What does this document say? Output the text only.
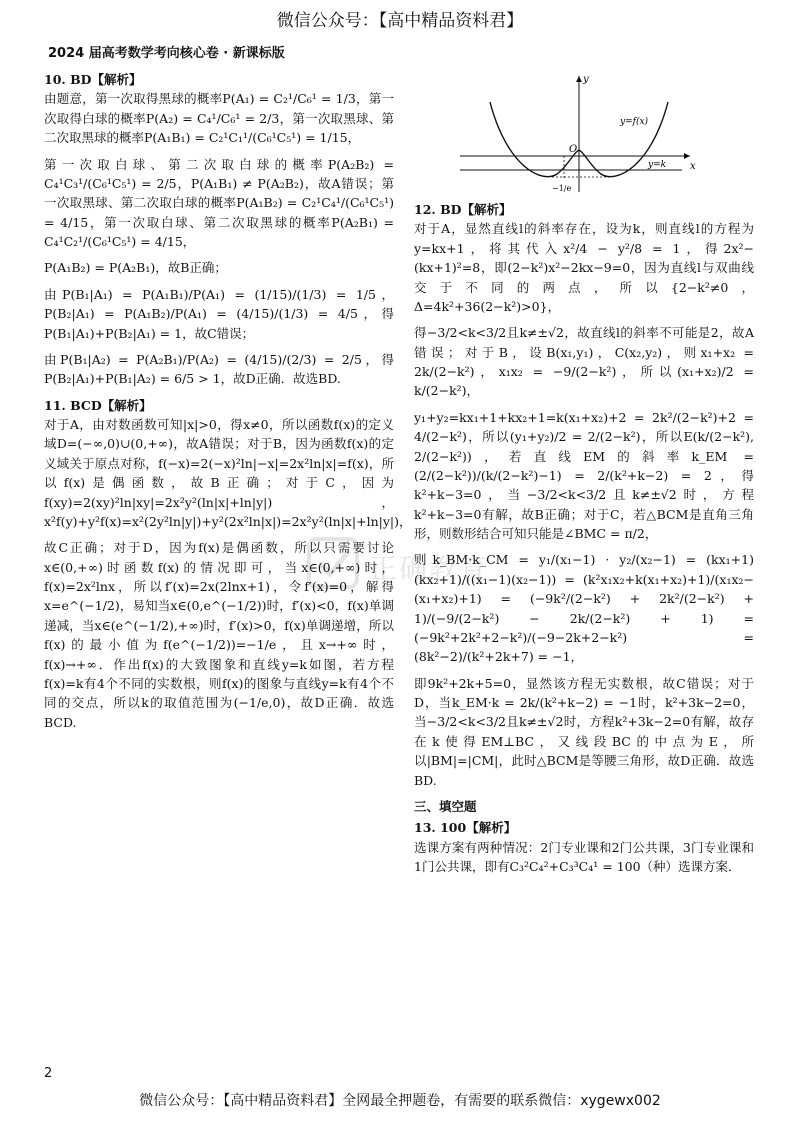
微信公众号：【高中精品资料君】
2024 届高考数学考向核心卷 · 新课标版
y
x
O
y=f(x)
y=k
−1/e
正确教育
10. BD【解析】

由题意，第一次取得黑球的概率P(A₁) = C₂¹/C₆¹ = 1/3，第一次取得白球的概率P(A₂) = C₄¹/C₆¹ = 2/3，第一次取黑球、第二次取黑球的概率P(A₁B₁) = C₂¹C₁¹/(C₆¹C₅¹) = 1/15，

第一次取白球、第二次取白球的概率P(A₂B₂) = C₄¹C₃¹/(C₆¹C₅¹) = 2/5，P(A₁B₁) ≠ P(A₂B₂)，故A错误；第一次取黑球、第二次取白球的概率P(A₁B₂) = C₂¹C₄¹/(C₆¹C₅¹) = 4/15，第一次取白球、第二次取黑球的概率P(A₂B₁) = C₄¹C₂¹/(C₆¹C₅¹) = 4/15，

P(A₁B₂) = P(A₂B₁)，故B正确；

由P(B₁|A₁) = P(A₁B₁)/P(A₁) = (1/15)/(1/3) = 1/5，P(B₂|A₁) = P(A₁B₂)/P(A₁) = (4/15)/(1/3) = 4/5，得P(B₁|A₁)+P(B₂|A₁) = 1，故C错误；

由P(B₁|A₂) = P(A₂B₁)/P(A₂) = (4/15)/(2/3) = 2/5，得P(B₂|A₁)+P(B₁|A₂) = 6/5 > 1，故D正确．故选BD.

11. BCD【解析】

对于A，由对数函数可知|x|>0，得x≠0，所以函数f(x)的定义域D=(−∞,0)∪(0,+∞)，故A错误；对于B，因为函数f(x)的定义域关于原点对称，f(−x)=2(−x)²ln|−x|=2x²ln|x|=f(x)，所以f(x)是偶函数，故B正确；对于C，因为f(xy)=2(xy)²ln|xy|=2x²y²(ln|x|+ln|y|)，x²f(y)+y²f(x)=x²(2y²ln|y|)+y²(2x²ln|x|)=2x²y²(ln|x|+ln|y|)，

故C正确；对于D，因为f(x)是偶函数，所以只需要讨论x∈(0,+∞)时函数f(x)的情况即可，当x∈(0,+∞)时，f(x)=2x²lnx，所以f′(x)=2x(2lnx+1)，令f′(x)=0，解得x=e^(−1/2)，易知当x∈(0,e^(−1/2))时，f′(x)<0，f(x)单调递减，当x∈(e^(−1/2),+∞)时，f′(x)>0，f(x)单调递增，所以f(x)的最小值为f(e^(−1/2))=−1/e，且x→+∞时，f(x)→+∞．作出f(x)的大致图象和直线y=k如图，若方程f(x)=k有4个不同的实数根，则f(x)的图象与直线y=k有4个不同的交点，所以k的取值范围为(−1/e,0)，故D正确．故选BCD.

12. BD【解析】

对于A，显然直线l的斜率存在，设为k，则直线l的方程为y=kx+1，将其代入x²/4 − y²/8 = 1，得2x²−(kx+1)²=8，即(2−k²)x²−2kx−9=0，因为直线l与双曲线交于不同的两点，所以{2−k²≠0，Δ=4k²+36(2−k²)>0}，

得−3/2<k<3/2且k≠±√2，故直线l的斜率不可能是2，故A错误；对于B，设B(x₁,y₁)，C(x₂,y₂)，则x₁+x₂ = 2k/(2−k²)，x₁x₂ = −9/(2−k²)，所以(x₁+x₂)/2 = k/(2−k²)，

y₁+y₂=kx₁+1+kx₂+1=k(x₁+x₂)+2 = 2k²/(2−k²)+2 = 4/(2−k²)，所以(y₁+y₂)/2 = 2/(2−k²)，所以E(k/(2−k²), 2/(2−k²))，若直线EM的斜率k_EM = (2/(2−k²))/(k/(2−k²)−1) = 2/(k²+k−2) = 2，得k²+k−3=0，当−3/2<k<3/2且k≠±√2时，方程k²+k−3=0有解，故B正确；对于C，若△BCM是直角三角形，则数形结合可知只能是∠BMC = π/2，

则k_BM·k_CM = y₁/(x₁−1) · y₂/(x₂−1) = (kx₁+1)(kx₂+1)/((x₁−1)(x₂−1)) = (k²x₁x₂+k(x₁+x₂)+1)/(x₁x₂−(x₁+x₂)+1) = (−9k²/(2−k²) + 2k²/(2−k²) + 1)/(−9/(2−k²) − 2k/(2−k²) + 1) = (−9k²+2k²+2−k²)/(−9−2k+2−k²) = (8k²−2)/(k²+2k+7) = −1，

即9k²+2k+5=0，显然该方程无实数根，故C错误；对于D，当k_EM·k = 2k/(k²+k−2) = −1时，k²+3k−2=0，当−3/2<k<3/2且k≠±√2时，方程k²+3k−2=0有解，故存在k使得EM⊥BC，又线段BC的中点为E，所以|BM|=|CM|，此时△BCM是等腰三角形，故D正确．故选BD.

三、填空题
13. 100【解析】

选课方案有两种情况：2门专业课和2门公共课，3门专业课和1门公共课，即有C₃²C₄²+C₃³C₄¹ = 100（种）选课方案．

2
微信公众号：【高中精品资料君】全网最全押题卷，有需要的联系微信：xygewx002
